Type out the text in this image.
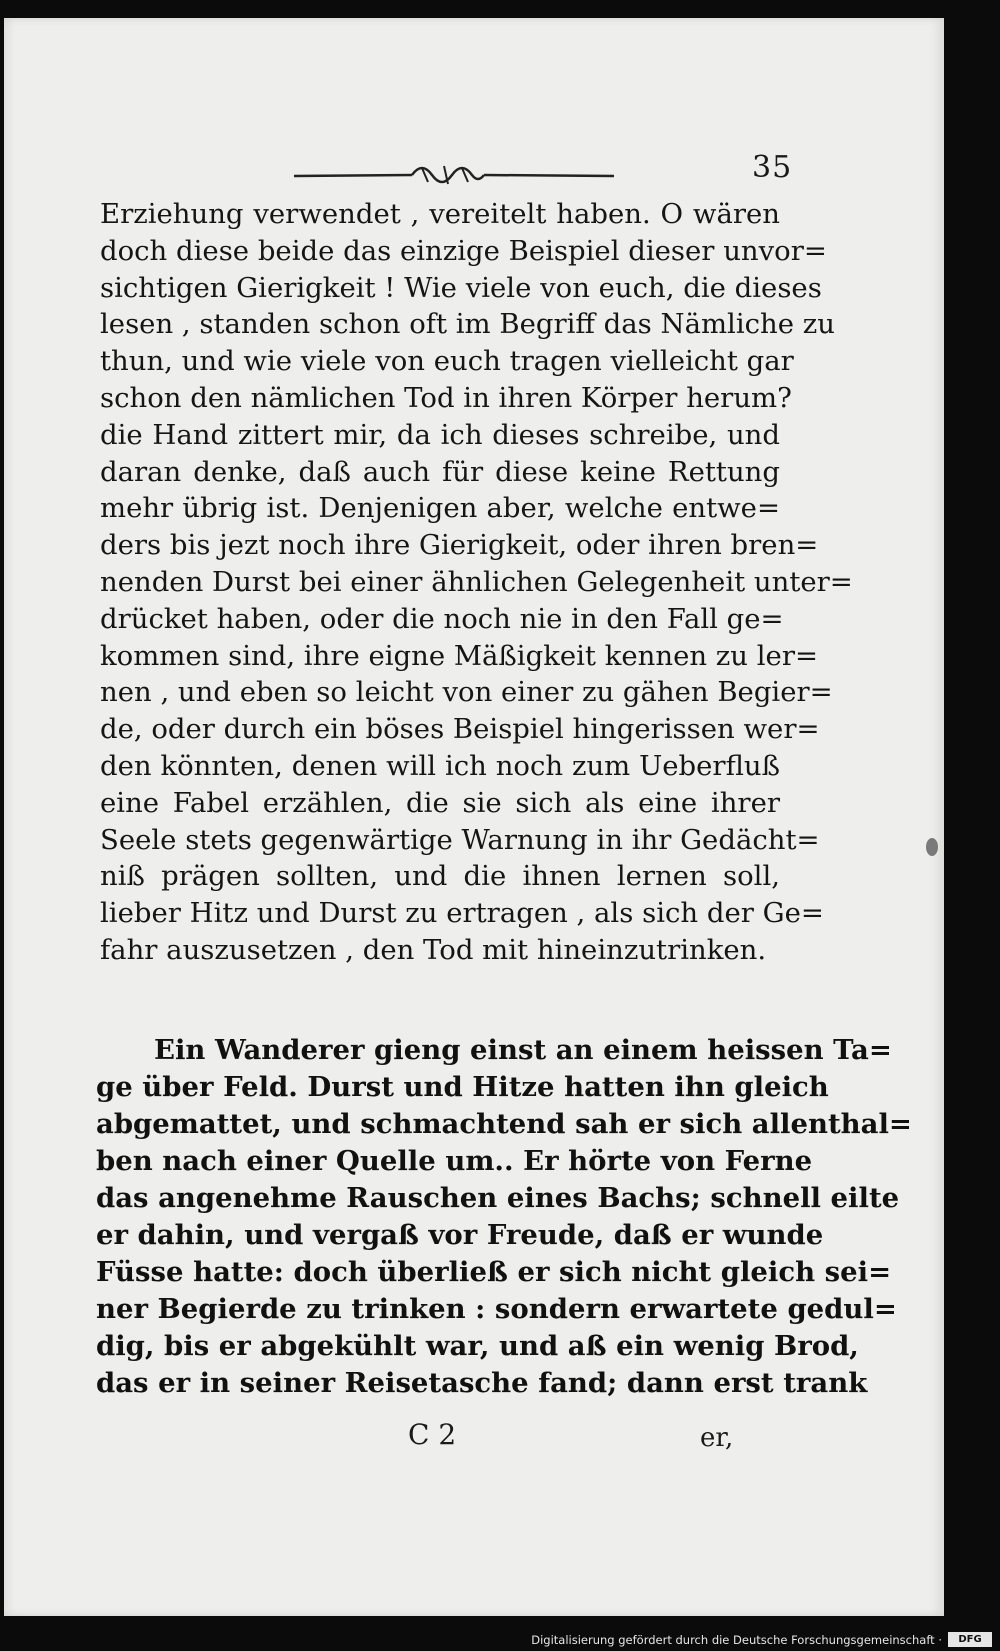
35
Erziehung verwendet , vereitelt haben. O wären
doch diese beide das einzige Beispiel dieser unvor=
sichtigen Gierigkeit ! Wie viele von euch, die dieses
lesen , standen schon oft im Begriff das Nämliche zu
thun, und wie viele von euch tragen vielleicht gar
schon den nämlichen Tod in ihren Körper herum?
die Hand zittert mir, da ich dieses schreibe, und
daran denke, daß auch für diese keine Rettung
mehr übrig ist. Denjenigen aber, welche entwe=
ders bis jezt noch ihre Gierigkeit, oder ihren bren=
nenden Durst bei einer ähnlichen Gelegenheit unter=
drücket haben, oder die noch nie in den Fall ge=
kommen sind, ihre eigne Mäßigkeit kennen zu ler=
nen , und eben so leicht von einer zu gähen Begier=
de, oder durch ein böses Beispiel hingerissen wer=
den könnten, denen will ich noch zum Ueberfluß
eine Fabel erzählen, die sie sich als eine ihrer
Seele stets gegenwärtige Warnung in ihr Gedächt=
niß prägen sollten, und die ihnen lernen soll,
lieber Hitz und Durst zu ertragen , als sich der Ge=
fahr auszusetzen , den Tod mit hineinzutrinken.
Ein Wanderer gieng einst an einem heissen Ta=
ge über Feld. Durst und Hitze hatten ihn gleich
abgemattet, und schmachtend sah er sich allenthal=
ben nach einer Quelle um.. Er hörte von Ferne
das angenehme Rauschen eines Bachs; schnell eilte
er dahin, und vergaß vor Freude, daß er wunde
Füsse hatte: doch überließ er sich nicht gleich sei=
ner Begierde zu trinken : sondern erwartete gedul=
dig, bis er abgekühlt war, und aß ein wenig Brod,
das er in seiner Reisetasche fand; dann erst trank
C 2	er,
Digitalisierung gefördert durch die Deutsche Forschungsgemeinschaft ·	DFG
